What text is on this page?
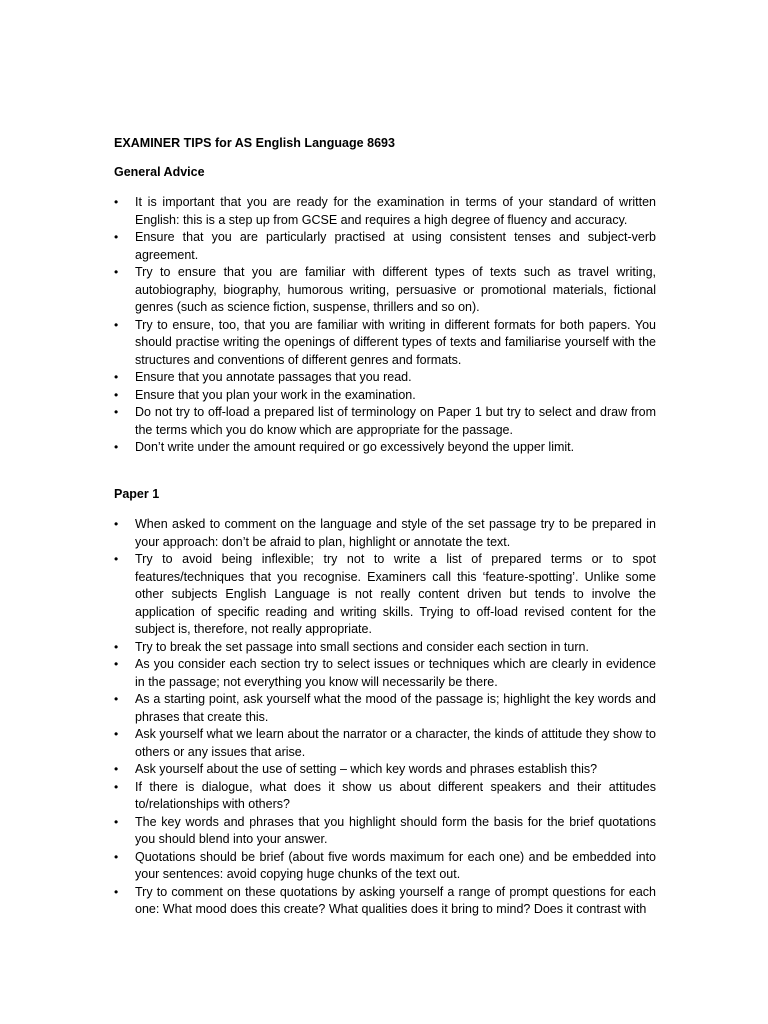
EXAMINER TIPS for AS English Language 8693
General Advice
•	It is important that you are ready for the examination in terms of your standard of written English: this is a step up from GCSE and requires a high degree of fluency and accuracy.
•	Ensure that you are particularly practised at using consistent tenses and subject-verb agreement.
•	Try to ensure that you are familiar with different types of texts such as travel writing, autobiography, biography, humorous writing, persuasive or promotional materials, fictional genres (such as science fiction, suspense, thrillers and so on).
•	Try to ensure, too, that you are familiar with writing in different formats for both papers. You should practise writing the openings of different types of texts and familiarise yourself with the structures and conventions of different genres and formats.
•	Ensure that you annotate passages that you read.
•	Ensure that you plan your work in the examination.
•	Do not try to off-load a prepared list of terminology on Paper 1 but try to select and draw from the terms which you do know which are appropriate for the passage.
•	Don’t write under the amount required or go excessively beyond the upper limit.
Paper 1
•	When asked to comment on the language and style of the set passage try to be prepared in your approach: don’t be afraid to plan, highlight or annotate the text.
•	Try to avoid being inflexible; try not to write a list of prepared terms or to spot features/techniques that you recognise. Examiners call this ‘feature-spotting’. Unlike some other subjects English Language is not really content driven but tends to involve the application of specific reading and writing skills. Trying to off-load revised content for the subject is, therefore, not really appropriate.
•	Try to break the set passage into small sections and consider each section in turn.
•	As you consider each section try to select issues or techniques which are clearly in evidence in the passage; not everything you know will necessarily be there.
•	As a starting point, ask yourself what the mood of the passage is; highlight the key words and phrases that create this.
•	Ask yourself what we learn about the narrator or a character, the kinds of attitude they show to others or any issues that arise.
•	Ask yourself about the use of setting – which key words and phrases establish this?
•	If there is dialogue, what does it show us about different speakers and their attitudes to/relationships with others?
•	The key words and phrases that you highlight should form the basis for the brief quotations you should blend into your answer.
•	Quotations should be brief (about five words maximum for each one) and be embedded into your sentences: avoid copying huge chunks of the text out.
•	Try to comment on these quotations by asking yourself a range of prompt questions for each one: What mood does this create? What qualities does it bring to mind? Does it contrast with
